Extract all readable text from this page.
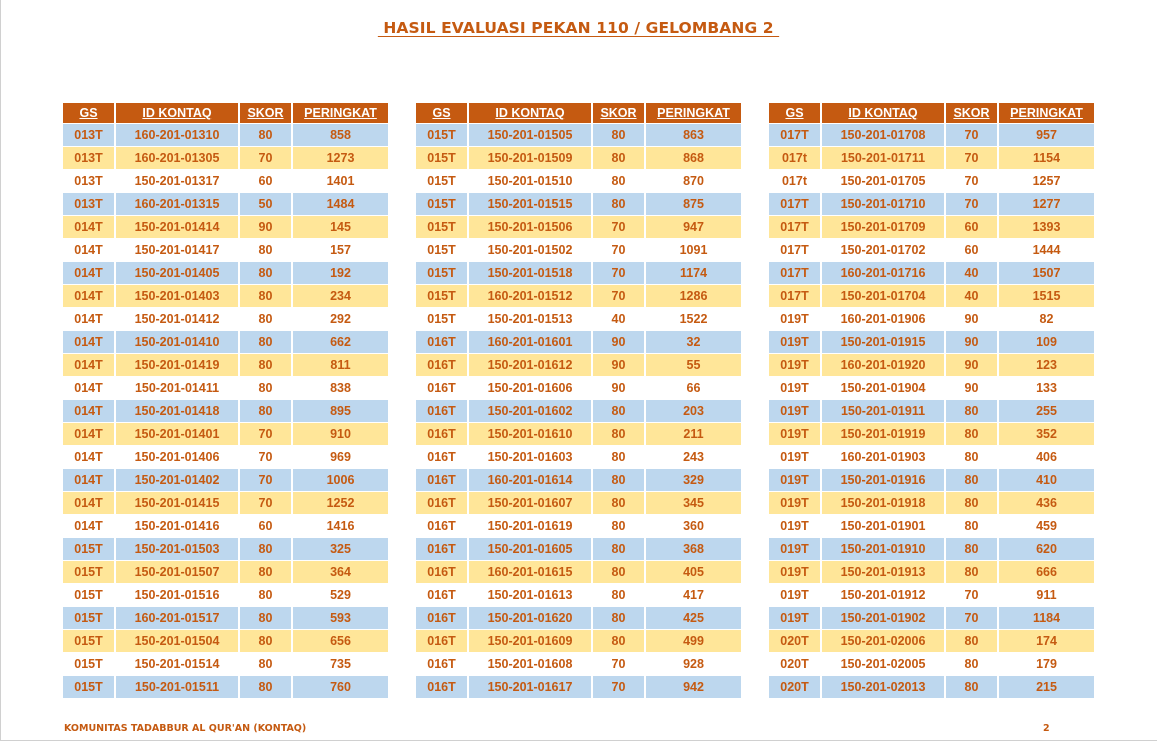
HASIL EVALUASI PEKAN 110 / GELOMBANG 2
GS	ID KONTAQ	SKOR	PERINGKAT
013T	160-201-01310	80	858
013T	160-201-01305	70	1273
013T	150-201-01317	60	1401
013T	160-201-01315	50	1484
014T	150-201-01414	90	145
014T	150-201-01417	80	157
014T	150-201-01405	80	192
014T	150-201-01403	80	234
014T	150-201-01412	80	292
014T	150-201-01410	80	662
014T	150-201-01419	80	811
014T	150-201-01411	80	838
014T	150-201-01418	80	895
014T	150-201-01401	70	910
014T	150-201-01406	70	969
014T	150-201-01402	70	1006
014T	150-201-01415	70	1252
014T	150-201-01416	60	1416
015T	150-201-01503	80	325
015T	150-201-01507	80	364
015T	150-201-01516	80	529
015T	160-201-01517	80	593
015T	150-201-01504	80	656
015T	150-201-01514	80	735
015T	150-201-01511	80	760
GS	ID KONTAQ	SKOR	PERINGKAT
015T	150-201-01505	80	863
015T	150-201-01509	80	868
015T	150-201-01510	80	870
015T	150-201-01515	80	875
015T	150-201-01506	70	947
015T	150-201-01502	70	1091
015T	150-201-01518	70	1174
015T	160-201-01512	70	1286
015T	150-201-01513	40	1522
016T	160-201-01601	90	32
016T	150-201-01612	90	55
016T	150-201-01606	90	66
016T	150-201-01602	80	203
016T	150-201-01610	80	211
016T	150-201-01603	80	243
016T	160-201-01614	80	329
016T	150-201-01607	80	345
016T	150-201-01619	80	360
016T	150-201-01605	80	368
016T	160-201-01615	80	405
016T	150-201-01613	80	417
016T	150-201-01620	80	425
016T	150-201-01609	80	499
016T	150-201-01608	70	928
016T	150-201-01617	70	942
GS	ID KONTAQ	SKOR	PERINGKAT
017T	150-201-01708	70	957
017t	150-201-01711	70	1154
017t	150-201-01705	70	1257
017T	150-201-01710	70	1277
017T	150-201-01709	60	1393
017T	150-201-01702	60	1444
017T	160-201-01716	40	1507
017T	150-201-01704	40	1515
019T	160-201-01906	90	82
019T	150-201-01915	90	109
019T	160-201-01920	90	123
019T	150-201-01904	90	133
019T	150-201-01911	80	255
019T	150-201-01919	80	352
019T	160-201-01903	80	406
019T	150-201-01916	80	410
019T	150-201-01918	80	436
019T	150-201-01901	80	459
019T	150-201-01910	80	620
019T	150-201-01913	80	666
019T	150-201-01912	70	911
019T	150-201-01902	70	1184
020T	150-201-02006	80	174
020T	150-201-02005	80	179
020T	150-201-02013	80	215
KOMUNITAS TADABBUR AL QUR'AN (KONTAQ)	2
